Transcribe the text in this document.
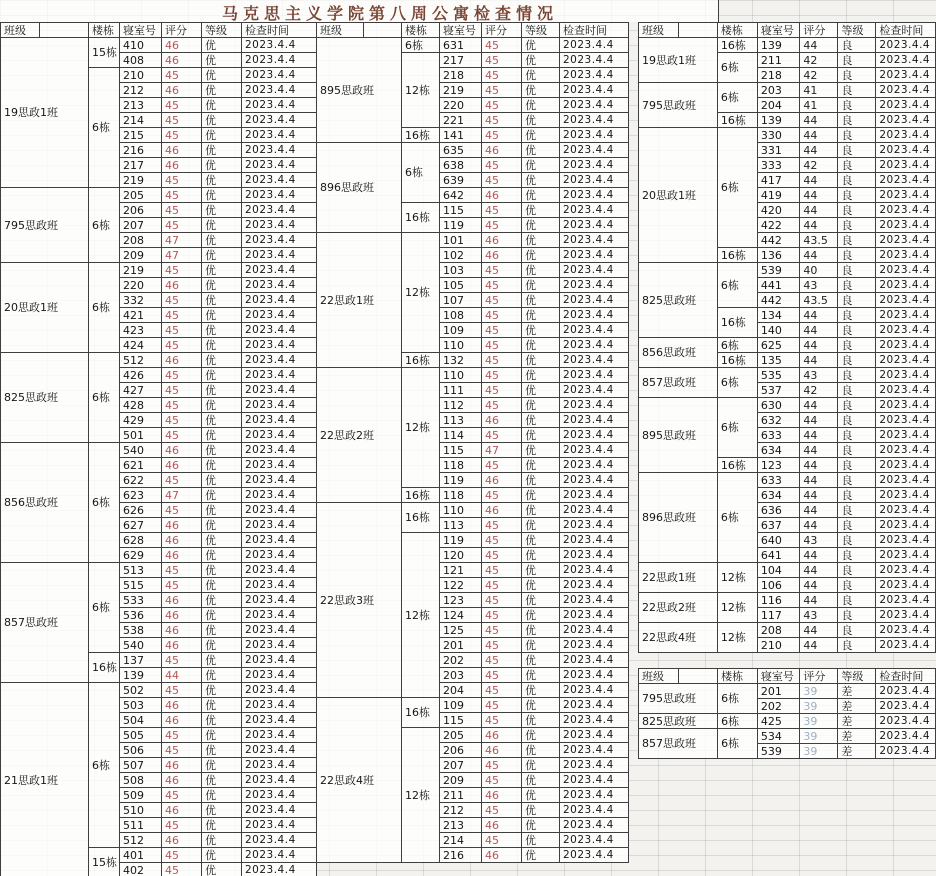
马克思主义学院第八周公寓检查情况
班级		楼栋	寝室号	评分	等级	检查时间
19思政1班		15栋	410	46	优	2023.4.4
			408	46	优	2023.4.4
		6栋	210	45	优	2023.4.4
			212	46	优	2023.4.4
			213	45	优	2023.4.4
			214	45	优	2023.4.4
			215	45	优	2023.4.4
			216	46	优	2023.4.4
			217	46	优	2023.4.4
			219	45	优	2023.4.4
795思政班		6栋	205	45	优	2023.4.4
			206	45	优	2023.4.4
			207	45	优	2023.4.4
			208	47	优	2023.4.4
			209	47	优	2023.4.4
20思政1班		6栋	219	45	优	2023.4.4
			220	46	优	2023.4.4
			332	45	优	2023.4.4
			421	45	优	2023.4.4
			423	45	优	2023.4.4
			424	45	优	2023.4.4
825思政班		6栋	512	46	优	2023.4.4
			426	45	优	2023.4.4
			427	45	优	2023.4.4
			428	45	优	2023.4.4
			429	45	优	2023.4.4
			501	45	优	2023.4.4
856思政班		6栋	540	46	优	2023.4.4
			621	46	优	2023.4.4
			622	45	优	2023.4.4
			623	47	优	2023.4.4
			626	45	优	2023.4.4
			627	46	优	2023.4.4
			628	46	优	2023.4.4
			629	46	优	2023.4.4
857思政班		6栋	513	45	优	2023.4.4
			515	45	优	2023.4.4
			533	46	优	2023.4.4
			536	46	优	2023.4.4
			538	46	优	2023.4.4
			540	46	优	2023.4.4
		16栋	137	45	优	2023.4.4
			139	44	优	2023.4.4
21思政1班		6栋	502	45	优	2023.4.4
			503	46	优	2023.4.4
			504	46	优	2023.4.4
			505	45	优	2023.4.4
			506	45	优	2023.4.4
			507	46	优	2023.4.4
			508	46	优	2023.4.4
			509	45	优	2023.4.4
			510	46	优	2023.4.4
			511	45	优	2023.4.4
			512	46	优	2023.4.4
		15栋	401	45	优	2023.4.4
			402	45	优	2023.4.4
班级		楼栋	寝室号	评分	等级	检查时间
895思政班		6栋	631	45	优	2023.4.4
		12栋	217	45	优	2023.4.4
			218	45	优	2023.4.4
			219	45	优	2023.4.4
			220	45	优	2023.4.4
			221	45	优	2023.4.4
		16栋	141	45	优	2023.4.4
896思政班		6栋	635	46	优	2023.4.4
			638	45	优	2023.4.4
			639	45	优	2023.4.4
			642	46	优	2023.4.4
		16栋	115	45	优	2023.4.4
			119	45	优	2023.4.4
22思政1班		12栋	101	46	优	2023.4.4
			102	46	优	2023.4.4
			103	45	优	2023.4.4
			105	45	优	2023.4.4
			107	45	优	2023.4.4
			108	45	优	2023.4.4
			109	45	优	2023.4.4
			110	45	优	2023.4.4
		16栋	132	45	优	2023.4.4
22思政2班		12栋	110	45	优	2023.4.4
			111	45	优	2023.4.4
			112	45	优	2023.4.4
			113	46	优	2023.4.4
			114	45	优	2023.4.4
			115	47	优	2023.4.4
			118	45	优	2023.4.4
			119	46	优	2023.4.4
		16栋	118	45	优	2023.4.4
22思政3班		16栋	110	46	优	2023.4.4
			113	45	优	2023.4.4
		12栋	119	45	优	2023.4.4
			120	45	优	2023.4.4
			121	45	优	2023.4.4
			122	45	优	2023.4.4
			123	45	优	2023.4.4
			124	45	优	2023.4.4
			125	45	优	2023.4.4
			201	45	优	2023.4.4
			202	45	优	2023.4.4
			203	45	优	2023.4.4
			204	45	优	2023.4.4
22思政4班		16栋	109	45	优	2023.4.4
			115	45	优	2023.4.4
		12栋	205	46	优	2023.4.4
			206	46	优	2023.4.4
			207	45	优	2023.4.4
			209	45	优	2023.4.4
			211	46	优	2023.4.4
			212	45	优	2023.4.4
			213	46	优	2023.4.4
			214	45	优	2023.4.4
			216	46	优	2023.4.4
班级		楼栋	寝室号	评分	等级	检查时间
19思政1班		16栋	139	44	良	2023.4.4
		6栋	211	42	良	2023.4.4
			218	42	良	2023.4.4
795思政班		6栋	203	41	良	2023.4.4
			204	41	良	2023.4.4
		16栋	139	44	良	2023.4.4
20思政1班		6栋	330	44	良	2023.4.4
			331	44	良	2023.4.4
			333	42	良	2023.4.4
			417	44	良	2023.4.4
			419	44	良	2023.4.4
			420	44	良	2023.4.4
			422	44	良	2023.4.4
			442	43.5	良	2023.4.4
		16栋	136	44	良	2023.4.4
825思政班		6栋	539	40	良	2023.4.4
			441	43	良	2023.4.4
			442	43.5	良	2023.4.4
		16栋	134	44	良	2023.4.4
			140	44	良	2023.4.4
856思政班		6栋	625	44	良	2023.4.4
		16栋	135	44	良	2023.4.4
857思政班		6栋	535	43	良	2023.4.4
			537	42	良	2023.4.4
895思政班		6栋	630	44	良	2023.4.4
			632	44	良	2023.4.4
			633	44	良	2023.4.4
			634	44	良	2023.4.4
		16栋	123	44	良	2023.4.4
896思政班		6栋	633	44	良	2023.4.4
			634	44	良	2023.4.4
			636	44	良	2023.4.4
			637	44	良	2023.4.4
			640	43	良	2023.4.4
			641	44	良	2023.4.4
22思政1班		12栋	104	44	良	2023.4.4
			106	44	良	2023.4.4
22思政2班		12栋	116	44	良	2023.4.4
			117	43	良	2023.4.4
22思政4班		12栋	208	44	良	2023.4.4
			210	44	良	2023.4.4
班级		楼栋	寝室号	评分	等级	检查时间
795思政班		6栋	201	39	差	2023.4.4
			202	39	差	2023.4.4
825思政班		6栋	425	39	差	2023.4.4
857思政班		6栋	534	39	差	2023.4.4
			539	39	差	2023.4.4
